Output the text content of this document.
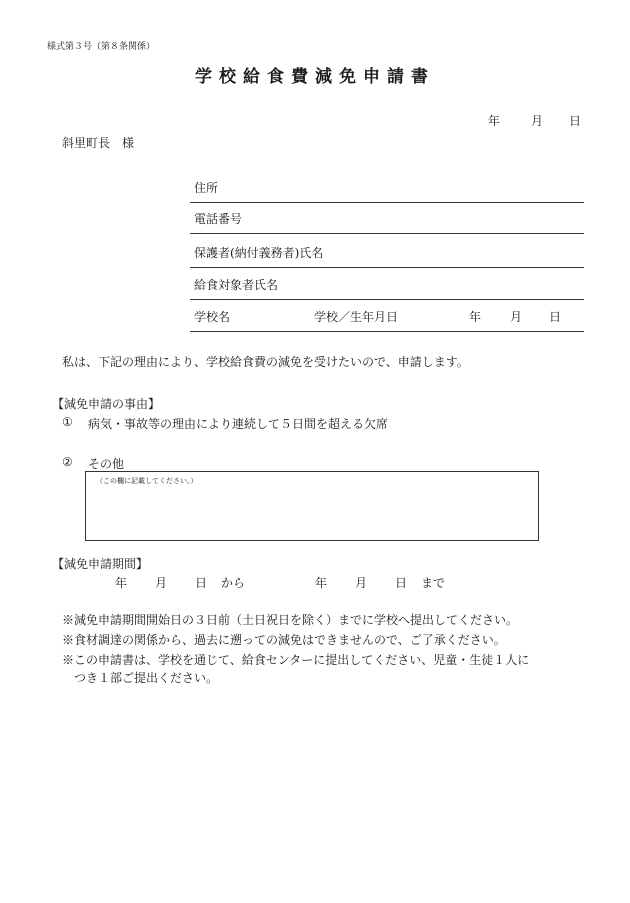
様式第３号（第８条関係）
学校給食費減免申請書
年	月 日
斜里町長　様
住所
電話番号
保護者(納付義務者)氏名
給食対象者氏名
学校名	学校／生年月日	年 月 日
私は、下記の理由により、学校給食費の減免を受けたいので、申請します。
【減免申請の事由】
① 病気・事故等の理由により連続して５日間を超える欠席
② その他
（この欄に記載してください。）
【減免申請期間】
年 月 日 から	年 月 日 まで
※減免申請期間開始日の３日前（土日祝日を除く）までに学校へ提出してください。
※食材調達の関係から、過去に遡っての減免はできませんので、ご了承ください。
※この申請書は、学校を通じて、給食センターに提出してください、児童・生徒１人に
つき１部ご提出ください。
